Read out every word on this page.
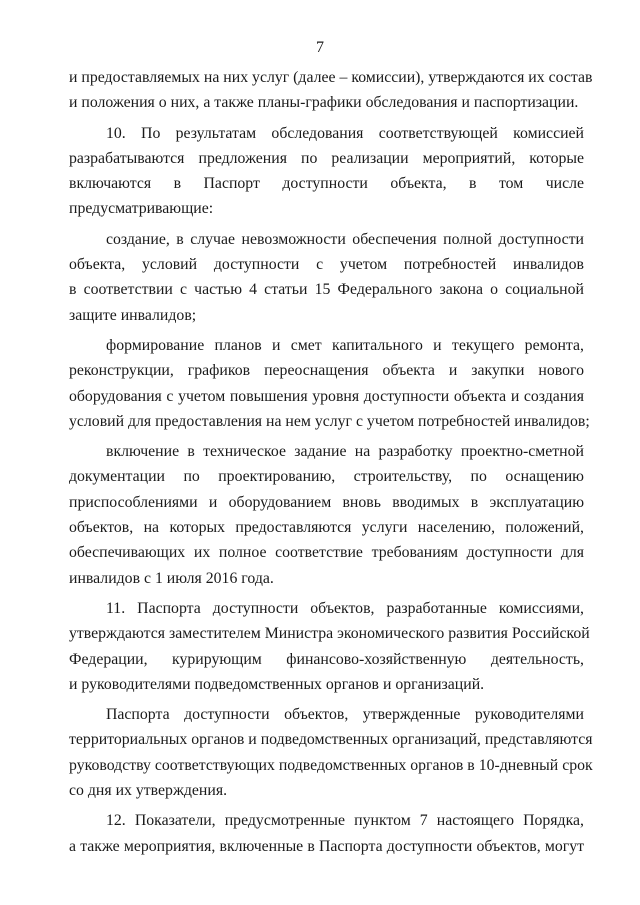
7
и предоставляемых на них услуг (далее – комиссии), утверждаются их состав
и положения о них, а также планы-графики обследования и паспортизации.
10. По результатам обследования соответствующей комиссией
разрабатываются предложения по реализации мероприятий, которые
включаются в Паспорт доступности объекта, в том числе
предусматривающие:
создание, в случае невозможности обеспечения полной доступности
объекта, условий доступности с учетом потребностей инвалидов
в соответствии с частью 4 статьи 15 Федерального закона о социальной
защите инвалидов;
формирование планов и смет капитального и текущего ремонта,
реконструкции, графиков переоснащения объекта и закупки нового
оборудования с учетом повышения уровня доступности объекта и создания
условий для предоставления на нем услуг с учетом потребностей инвалидов;
включение в техническое задание на разработку проектно-сметной
документации по проектированию, строительству, по оснащению
приспособлениями и оборудованием вновь вводимых в эксплуатацию
объектов, на которых предоставляются услуги населению, положений,
обеспечивающих их полное соответствие требованиям доступности для
инвалидов с 1 июля 2016 года.
11. Паспорта доступности объектов, разработанные комиссиями,
утверждаются заместителем Министра экономического развития Российской
Федерации, курирующим финансово-хозяйственную деятельность,
и руководителями подведомственных органов и организаций.
Паспорта доступности объектов, утвержденные руководителями
территориальных органов и подведомственных организаций, представляются
руководству соответствующих подведомственных органов в 10-дневный срок
со дня их утверждения.
12. Показатели, предусмотренные пунктом 7 настоящего Порядка,
а также мероприятия, включенные в Паспорта доступности объектов, могут
